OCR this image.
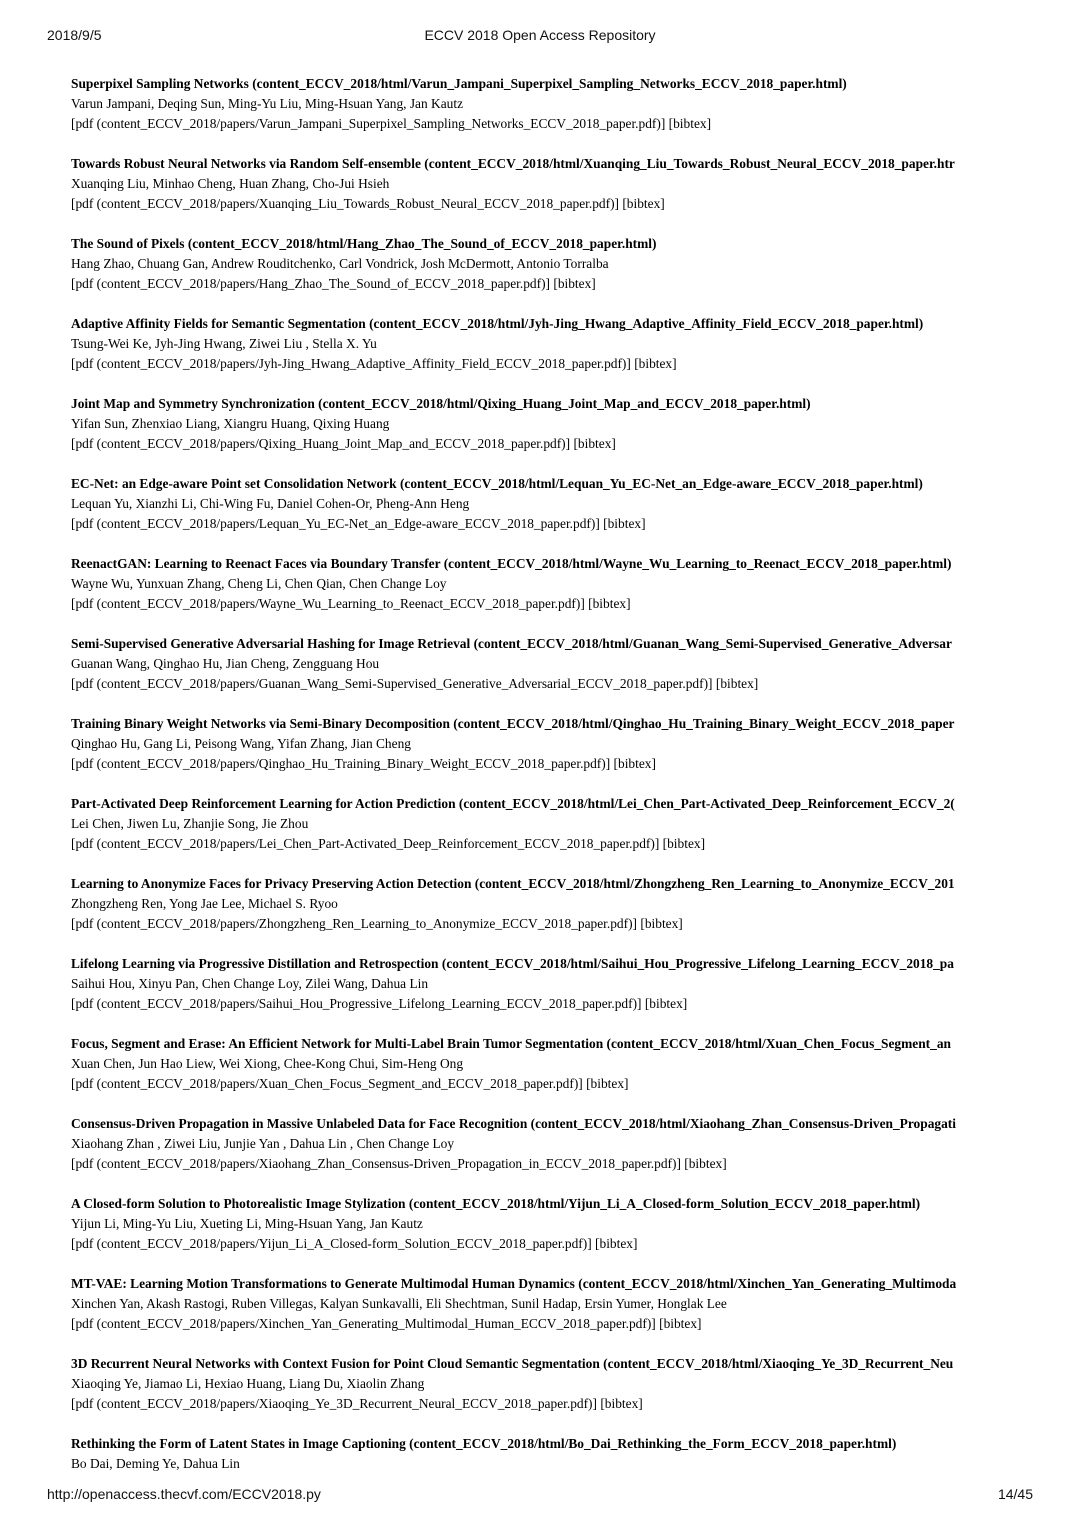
2018/9/5	ECCV 2018 Open Access Repository
Superpixel Sampling Networks (content_ECCV_2018/html/Varun_Jampani_Superpixel_Sampling_Networks_ECCV_2018_paper.html)
Varun Jampani, Deqing Sun, Ming-Yu Liu, Ming-Hsuan Yang, Jan Kautz
[pdf (content_ECCV_2018/papers/Varun_Jampani_Superpixel_Sampling_Networks_ECCV_2018_paper.pdf)] [bibtex]
Towards Robust Neural Networks via Random Self-ensemble (content_ECCV_2018/html/Xuanqing_Liu_Towards_Robust_Neural_ECCV_2018_paper.htr
Xuanqing Liu, Minhao Cheng, Huan Zhang, Cho-Jui Hsieh
[pdf (content_ECCV_2018/papers/Xuanqing_Liu_Towards_Robust_Neural_ECCV_2018_paper.pdf)] [bibtex]
The Sound of Pixels (content_ECCV_2018/html/Hang_Zhao_The_Sound_of_ECCV_2018_paper.html)
Hang Zhao, Chuang Gan, Andrew Rouditchenko, Carl Vondrick, Josh McDermott, Antonio Torralba
[pdf (content_ECCV_2018/papers/Hang_Zhao_The_Sound_of_ECCV_2018_paper.pdf)] [bibtex]
Adaptive Affinity Fields for Semantic Segmentation (content_ECCV_2018/html/Jyh-Jing_Hwang_Adaptive_Affinity_Field_ECCV_2018_paper.html)
Tsung-Wei Ke, Jyh-Jing Hwang, Ziwei Liu , Stella X. Yu
[pdf (content_ECCV_2018/papers/Jyh-Jing_Hwang_Adaptive_Affinity_Field_ECCV_2018_paper.pdf)] [bibtex]
Joint Map and Symmetry Synchronization (content_ECCV_2018/html/Qixing_Huang_Joint_Map_and_ECCV_2018_paper.html)
Yifan Sun, Zhenxiao Liang, Xiangru Huang, Qixing Huang
[pdf (content_ECCV_2018/papers/Qixing_Huang_Joint_Map_and_ECCV_2018_paper.pdf)] [bibtex]
EC-Net: an Edge-aware Point set Consolidation Network (content_ECCV_2018/html/Lequan_Yu_EC-Net_an_Edge-aware_ECCV_2018_paper.html)
Lequan Yu, Xianzhi Li, Chi-Wing Fu, Daniel Cohen-Or, Pheng-Ann Heng
[pdf (content_ECCV_2018/papers/Lequan_Yu_EC-Net_an_Edge-aware_ECCV_2018_paper.pdf)] [bibtex]
ReenactGAN: Learning to Reenact Faces via Boundary Transfer (content_ECCV_2018/html/Wayne_Wu_Learning_to_Reenact_ECCV_2018_paper.html)
Wayne Wu, Yunxuan Zhang, Cheng Li, Chen Qian, Chen Change Loy
[pdf (content_ECCV_2018/papers/Wayne_Wu_Learning_to_Reenact_ECCV_2018_paper.pdf)] [bibtex]
Semi-Supervised Generative Adversarial Hashing for Image Retrieval (content_ECCV_2018/html/Guanan_Wang_Semi-Supervised_Generative_Adversar
Guanan Wang, Qinghao Hu, Jian Cheng, Zengguang Hou
[pdf (content_ECCV_2018/papers/Guanan_Wang_Semi-Supervised_Generative_Adversarial_ECCV_2018_paper.pdf)] [bibtex]
Training Binary Weight Networks via Semi-Binary Decomposition (content_ECCV_2018/html/Qinghao_Hu_Training_Binary_Weight_ECCV_2018_paper
Qinghao Hu, Gang Li, Peisong Wang, Yifan Zhang, Jian Cheng
[pdf (content_ECCV_2018/papers/Qinghao_Hu_Training_Binary_Weight_ECCV_2018_paper.pdf)] [bibtex]
Part-Activated Deep Reinforcement Learning for Action Prediction (content_ECCV_2018/html/Lei_Chen_Part-Activated_Deep_Reinforcement_ECCV_2(
Lei Chen, Jiwen Lu, Zhanjie Song, Jie Zhou
[pdf (content_ECCV_2018/papers/Lei_Chen_Part-Activated_Deep_Reinforcement_ECCV_2018_paper.pdf)] [bibtex]
Learning to Anonymize Faces for Privacy Preserving Action Detection (content_ECCV_2018/html/Zhongzheng_Ren_Learning_to_Anonymize_ECCV_201
Zhongzheng Ren, Yong Jae Lee, Michael S. Ryoo
[pdf (content_ECCV_2018/papers/Zhongzheng_Ren_Learning_to_Anonymize_ECCV_2018_paper.pdf)] [bibtex]
Lifelong Learning via Progressive Distillation and Retrospection (content_ECCV_2018/html/Saihui_Hou_Progressive_Lifelong_Learning_ECCV_2018_pa
Saihui Hou, Xinyu Pan, Chen Change Loy, Zilei Wang, Dahua Lin
[pdf (content_ECCV_2018/papers/Saihui_Hou_Progressive_Lifelong_Learning_ECCV_2018_paper.pdf)] [bibtex]
Focus, Segment and Erase: An Efficient Network for Multi-Label Brain Tumor Segmentation (content_ECCV_2018/html/Xuan_Chen_Focus_Segment_an
Xuan Chen, Jun Hao Liew, Wei Xiong, Chee-Kong Chui, Sim-Heng Ong
[pdf (content_ECCV_2018/papers/Xuan_Chen_Focus_Segment_and_ECCV_2018_paper.pdf)] [bibtex]
Consensus-Driven Propagation in Massive Unlabeled Data for Face Recognition (content_ECCV_2018/html/Xiaohang_Zhan_Consensus-Driven_Propagati
Xiaohang Zhan , Ziwei Liu, Junjie Yan , Dahua Lin , Chen Change Loy
[pdf (content_ECCV_2018/papers/Xiaohang_Zhan_Consensus-Driven_Propagation_in_ECCV_2018_paper.pdf)] [bibtex]
A Closed-form Solution to Photorealistic Image Stylization (content_ECCV_2018/html/Yijun_Li_A_Closed-form_Solution_ECCV_2018_paper.html)
Yijun Li, Ming-Yu Liu, Xueting Li, Ming-Hsuan Yang, Jan Kautz
[pdf (content_ECCV_2018/papers/Yijun_Li_A_Closed-form_Solution_ECCV_2018_paper.pdf)] [bibtex]
MT-VAE: Learning Motion Transformations to Generate Multimodal Human Dynamics (content_ECCV_2018/html/Xinchen_Yan_Generating_Multimoda
Xinchen Yan, Akash Rastogi, Ruben Villegas, Kalyan Sunkavalli, Eli Shechtman, Sunil Hadap, Ersin Yumer, Honglak Lee
[pdf (content_ECCV_2018/papers/Xinchen_Yan_Generating_Multimodal_Human_ECCV_2018_paper.pdf)] [bibtex]
3D Recurrent Neural Networks with Context Fusion for Point Cloud Semantic Segmentation (content_ECCV_2018/html/Xiaoqing_Ye_3D_Recurrent_Neu
Xiaoqing Ye, Jiamao Li, Hexiao Huang, Liang Du, Xiaolin Zhang
[pdf (content_ECCV_2018/papers/Xiaoqing_Ye_3D_Recurrent_Neural_ECCV_2018_paper.pdf)] [bibtex]
Rethinking the Form of Latent States in Image Captioning (content_ECCV_2018/html/Bo_Dai_Rethinking_the_Form_ECCV_2018_paper.html)
Bo Dai, Deming Ye, Dahua Lin
http://openaccess.thecvf.com/ECCV2018.py	14/45
